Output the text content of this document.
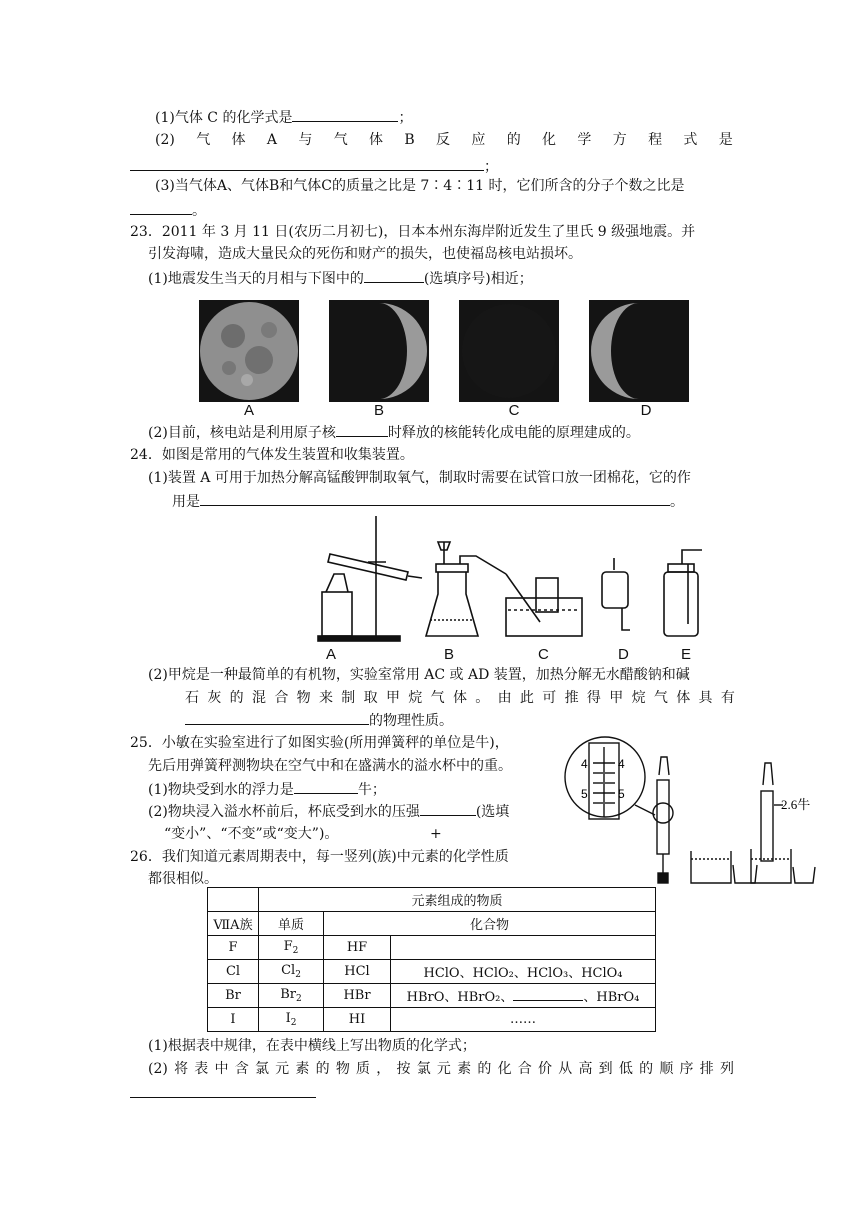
(1)气体 C 的化学式是	；
(2) 气 体 A 与 气 体 B 反 应 的 化 学 方 程 式 是
；
(3)当气体A、气体B和气体C的质量之比是 7∶4∶11 时，它们所含的分子个数之比是
。
23．2011 年 3 月 11 日(农历二月初七)，日本本州东海岸附近发生了里氏 9 级强地震。并
引发海啸，造成大量民众的死伤和财产的损失，也使福岛核电站损坏。
(1)地震发生当天的月相与下图中的	(选填序号)相近；
A	B	C	D
(2)目前，核电站是利用原子核	时释放的核能转化成电能的原理建成的。
24．如图是常用的气体发生装置和收集装置。
(1)装置 A 可用于加热分解高锰酸钾制取氧气，制取时需要在试管口放一团棉花，它的作
用是	。
A	B	C	D	E
(2)甲烷是一种最简单的有机物，实验室常用 AC 或 AD 装置，加热分解无水醋酸钠和碱
石 灰 的 混 合 物 来 制 取 甲 烷 气 体 。 由 此 可 推 得 甲 烷 气 体 具 有
的物理性质。
25．小敏在实验室进行了如图实验(所用弹簧秤的单位是牛)，
先后用弹簧秤测物块在空气中和在盛满水的溢水杯中的重。
(1)物块受到水的浮力是	牛；
(2)物块浸入溢水杯前后，杯底受到水的压强	(选填
“变小”、“不变”或“变大”)。	+
4	4
5	5
2.6牛
26．我们知道元素周期表中，每一竖列(族)中元素的化学性质
都很相似。
	元素组成的物质		
ⅦA族	单质	化合物	
F	$F_2$	HF	
Cl	$Cl_2$	HCl	HClO、HClO₂、HClO₃、HClO₄
Br	$Br_2$	HBr	HBrO、HBrO₂、 、HBrO₄
I	$I_2$	HI	……
(1)根据表中规律，在表中横线上写出物质的化学式；
(2) 将 表 中 含 氯 元 素 的 物 质 ， 按 氯 元 素 的 化 合 价 从 高 到 低 的 顺 序 排 列
